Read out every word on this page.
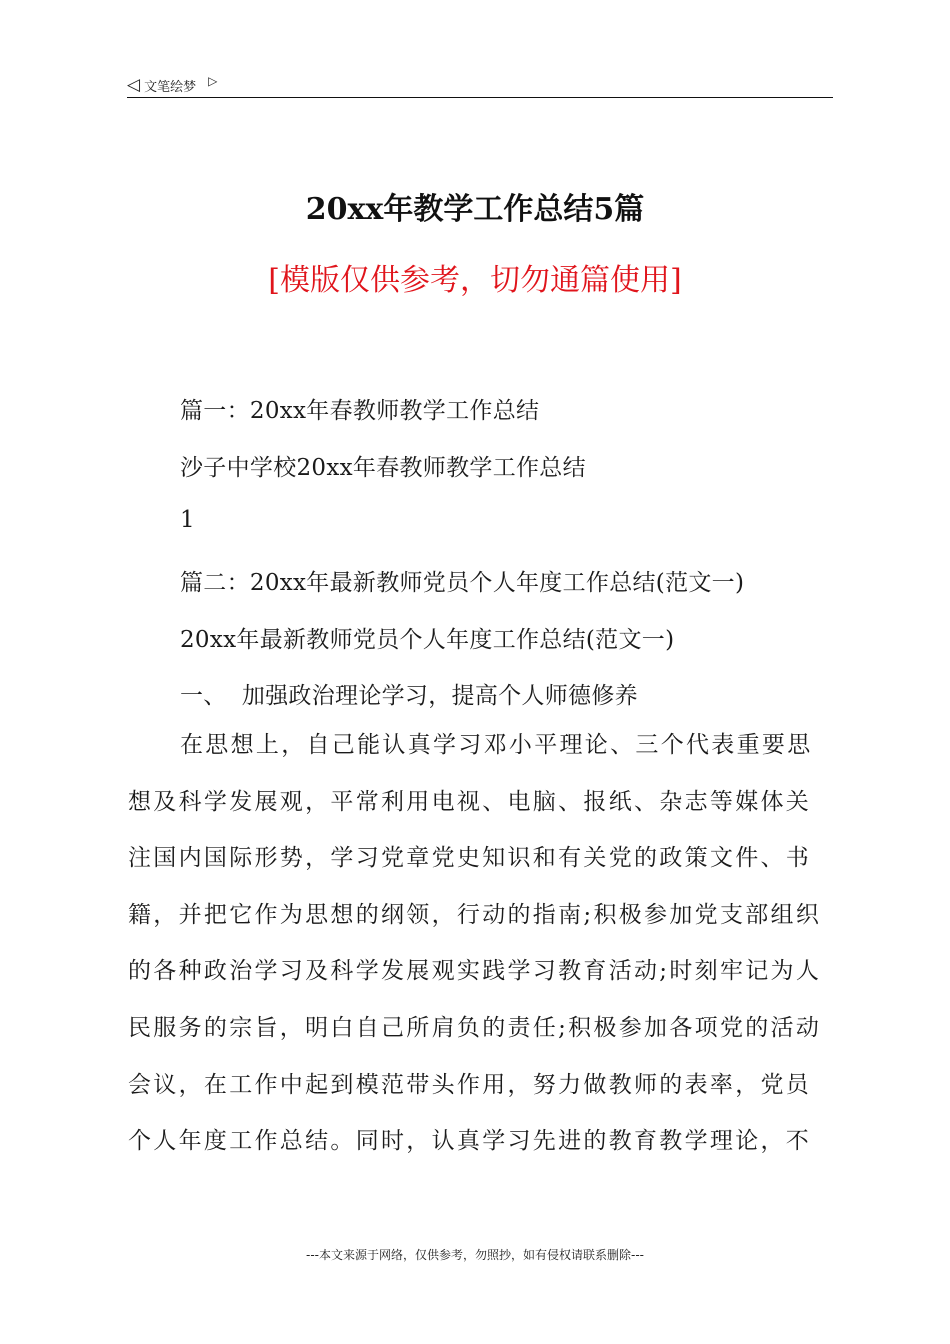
◁ 文笔绘梦 ▷
20xx年教学工作总结5篇
[模版仅供参考，切勿通篇使用]
篇一：20xx年春教师教学工作总结
沙子中学校20xx年春教师教学工作总结
1
篇二：20xx年最新教师党员个人年度工作总结(范文一)
20xx年最新教师党员个人年度工作总结(范文一)
一、  加强政治理论学习，提高个人师德修养
在思想上，自己能认真学习邓小平理论、三个代表重要思想及科学发展观，平常利用电视、电脑、报纸、杂志等媒体关注国内国际形势，学习党章党史知识和有关党的政策文件、书籍，并把它作为思想的纲领，行动的指南;积极参加党支部组织的各种政治学习及科学发展观实践学习教育活动;时刻牢记为人民服务的宗旨，明白自己所肩负的责任;积极参加各项党的活动会议，在工作中起到模范带头作用，努力做教师的表率，党员个人年度工作总结。同时，认真学习先进的教育教学理论，不
---本文来源于网络，仅供参考，勿照抄，如有侵权请联系删除---
